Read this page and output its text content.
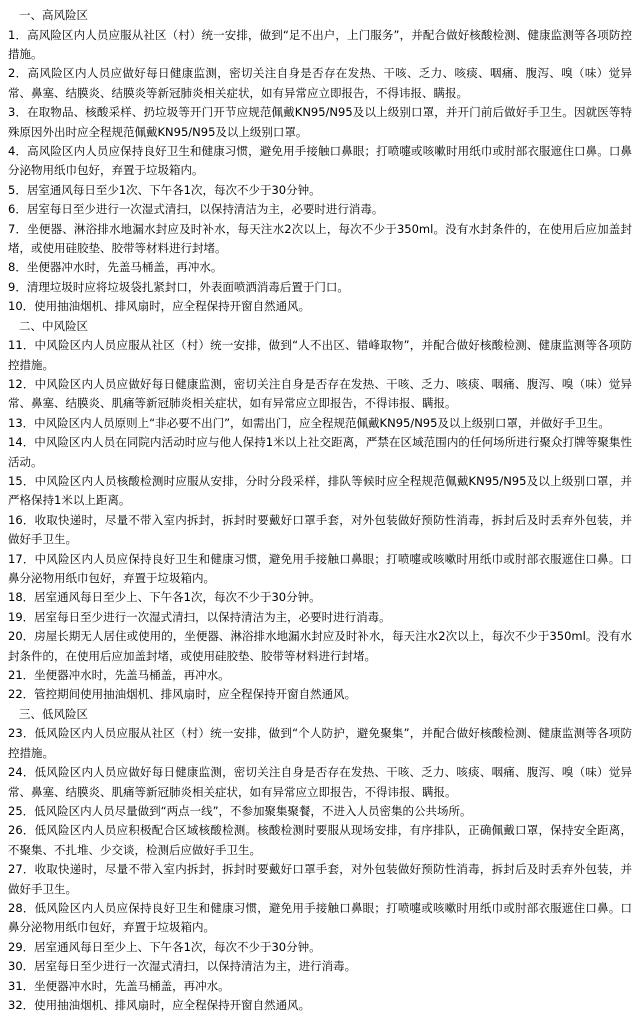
一、高风险区

1．高风险区内人员应服从社区（村）统一安排，做到“足不出户，上门服务”，并配合做好核酸检测、健康监测等各项防控措施。

2．高风险区内人员应做好每日健康监测，密切关注自身是否存在发热、干咳、乏力、咳痰、咽痛、腹泻、嗅（味）觉异常、鼻塞、结膜炎、结膜炎等新冠肺炎相关症状，如有异常应立即报告，不得讳报、瞒报。

3．在取物品、核酸采样、扔垃圾等开门开节应规范佩戴KN95/N95及以上级别口罩，并开门前后做好手卫生。因就医等特殊原因外出时应全程规范佩戴KN95/N95及以上级别口罩。

4．高风险区内人员应保持良好卫生和健康习惯，避免用手接触口鼻眼；打喷嚏或咳嗽时用纸巾或肘部衣服遮住口鼻。口鼻分泌物用纸巾包好，弃置于垃圾箱内。

5．居室通风每日至少1次、下午各1次，每次不少于30分钟。

6．居室每日至少进行一次湿式清扫，以保持清洁为主，必要时进行消毒。

7．坐便器、淋浴排水地漏水封应及时补水，每天注水2次以上，每次不少于350ml。没有水封条件的，在使用后应加盖封堵，或使用硅胶垫、胶带等材料进行封堵。

8．坐便器冲水时，先盖马桶盖，再冲水。

9．清理垃圾时应将垃圾袋扎紧封口，外表面喷洒消毒后置于门口。

10．使用抽油烟机、排风扇时，应全程保持开窗自然通风。

二、中风险区

11．中风险区内人员应服从社区（村）统一安排，做到“人不出区、错峰取物”，并配合做好核酸检测、健康监测等各项防控措施。

12．中风险区内人员应做好每日健康监测，密切关注自身是否存在发热、干咳、乏力、咳痰、咽痛、腹泻、嗅（味）觉异常、鼻塞、结膜炎、肌痛等新冠肺炎相关症状，如有异常应立即报告，不得讳报、瞒报。

13．中风险区内人员原则上“非必要不出门”，如需出门，应全程规范佩戴KN95/N95及以上级别口罩，并做好手卫生。

14．中风险区内人员在同院内活动时应与他人保持1米以上社交距离，严禁在区域范围内的任何场所进行聚众打牌等聚集性活动。

15．中风险区内人员核酸检测时应服从安排，分时分段采样，排队等候时应全程规范佩戴KN95/N95及以上级别口罩，并严格保持1米以上距离。

16．收取快递时，尽量不带入室内拆封，拆封时要戴好口罩手套，对外包装做好预防性消毒，拆封后及时丢弃外包装，并做好手卫生。

17．中风险区内人员应保持良好卫生和健康习惯，避免用手接触口鼻眼；打喷嚏或咳嗽时用纸巾或肘部衣服遮住口鼻。口鼻分泌物用纸巾包好，弃置于垃圾箱内。

18．居室通风每日至少上、下午各1次，每次不少于30分钟。

19．居室每日至少进行一次湿式清扫，以保持清洁为主，必要时进行消毒。

20．房屋长期无人居住或使用的，坐便器、淋浴排水地漏水封应及时补水，每天注水2次以上，每次不少于350ml。没有水封条件的，在使用后应加盖封堵，或使用硅胶垫、胶带等材料进行封堵。

21．坐便器冲水时，先盖马桶盖，再冲水。

22．管控期间使用抽油烟机、排风扇时，应全程保持开窗自然通风。

三、低风险区

23．低风险区内人员应服从社区（村）统一安排，做到“个人防护，避免聚集”，并配合做好核酸检测、健康监测等各项防控措施。

24．低风险区内人员应做好每日健康监测，密切关注自身是否存在发热、干咳、乏力、咳痰、咽痛、腹泻、嗅（味）觉异常、鼻塞、结膜炎、肌痛等新冠肺炎相关症状，如有异常应立即报告，不得讳报、瞒报。

25．低风险区内人员尽量做到“两点一线”，不参加聚集聚餐，不进入人员密集的公共场所。

26．低风险区内人员应积极配合区域核酸检测。核酸检测时要服从现场安排，有序排队，正确佩戴口罩，保持安全距离，不聚集、不扎堆、少交谈，检测后应做好手卫生。

27．收取快递时，尽量不带入室内拆封，拆封时要戴好口罩手套，对外包装做好预防性消毒，拆封后及时丢弃外包装，并做好手卫生。

28．低风险区内人员应保持良好卫生和健康习惯，避免用手接触口鼻眼；打喷嚏或咳嗽时用纸巾或肘部衣服遮住口鼻。口鼻分泌物用纸巾包好，弃置于垃圾箱内。

29．居室通风每日至少上、下午各1次，每次不少于30分钟。

30．居室每日至少进行一次湿式清扫，以保持清洁为主，进行消毒。

31．坐便器冲水时，先盖马桶盖，再冲水。

32．使用抽油烟机、排风扇时，应全程保持开窗自然通风。
